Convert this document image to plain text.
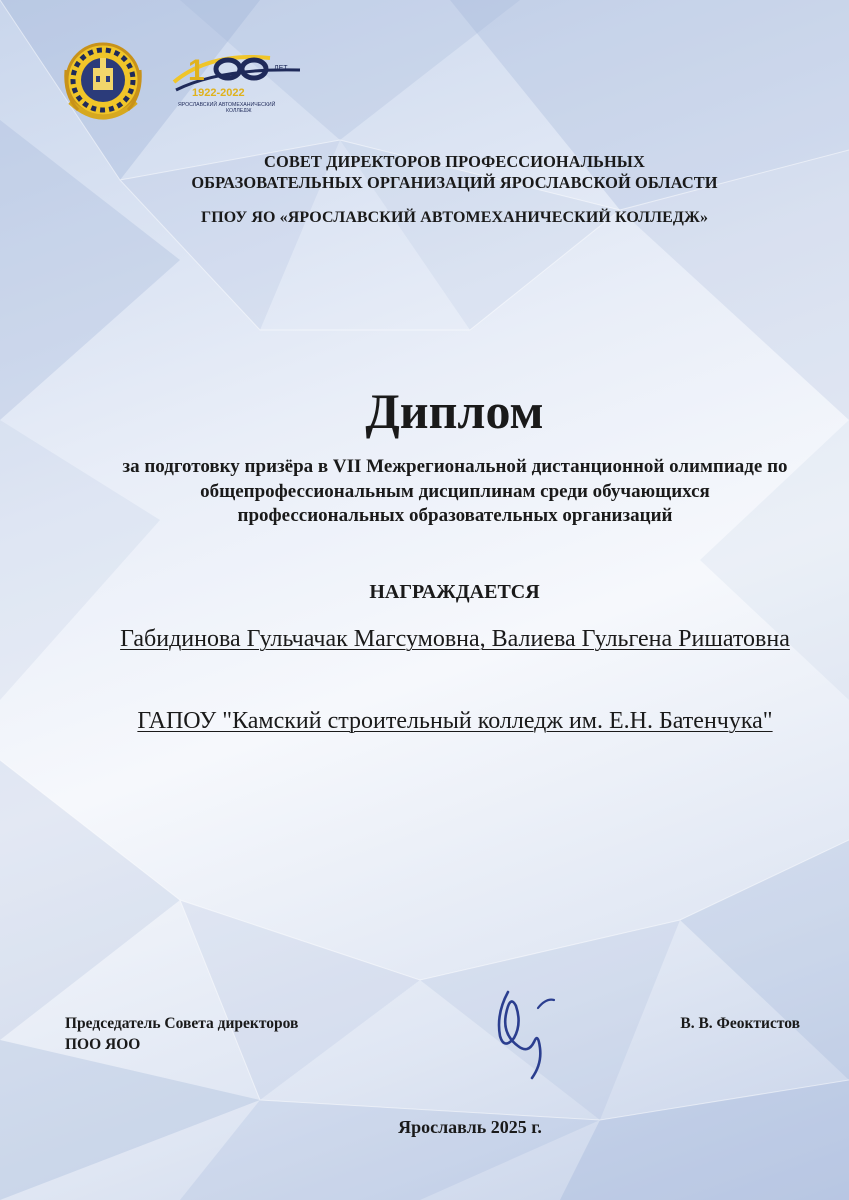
1	ЛЕТ
1922-2022
ЯРОСЛАВСКИЙ АВТОМЕХАНИЧЕСКИЙ
КОЛЛЕДЖ
СОВЕТ ДИРЕКТОРОВ ПРОФЕССИОНАЛЬНЫХ
ОБРАЗОВАТЕЛЬНЫХ ОРГАНИЗАЦИЙ ЯРОСЛАВСКОЙ ОБЛАСТИ
ГПОУ ЯО «ЯРОСЛАВСКИЙ АВТОМЕХАНИЧЕСКИЙ КОЛЛЕДЖ»
Диплом
за подготовку призёра в VII Межрегиональной дистанционной олимпиаде по общепрофессиональным дисциплинам среди обучающихся профессиональных образовательных организаций
НАГРАЖДАЕТСЯ
Габидинова Гульчачак Магсумовна, Валиева Гульгена Ришатовна
ГАПОУ "Камский строительный колледж им. Е.Н. Батенчука"
Председатель Совета директоров
ПОО ЯОО
В. В. Феоктистов
Ярославль 2025 г.
